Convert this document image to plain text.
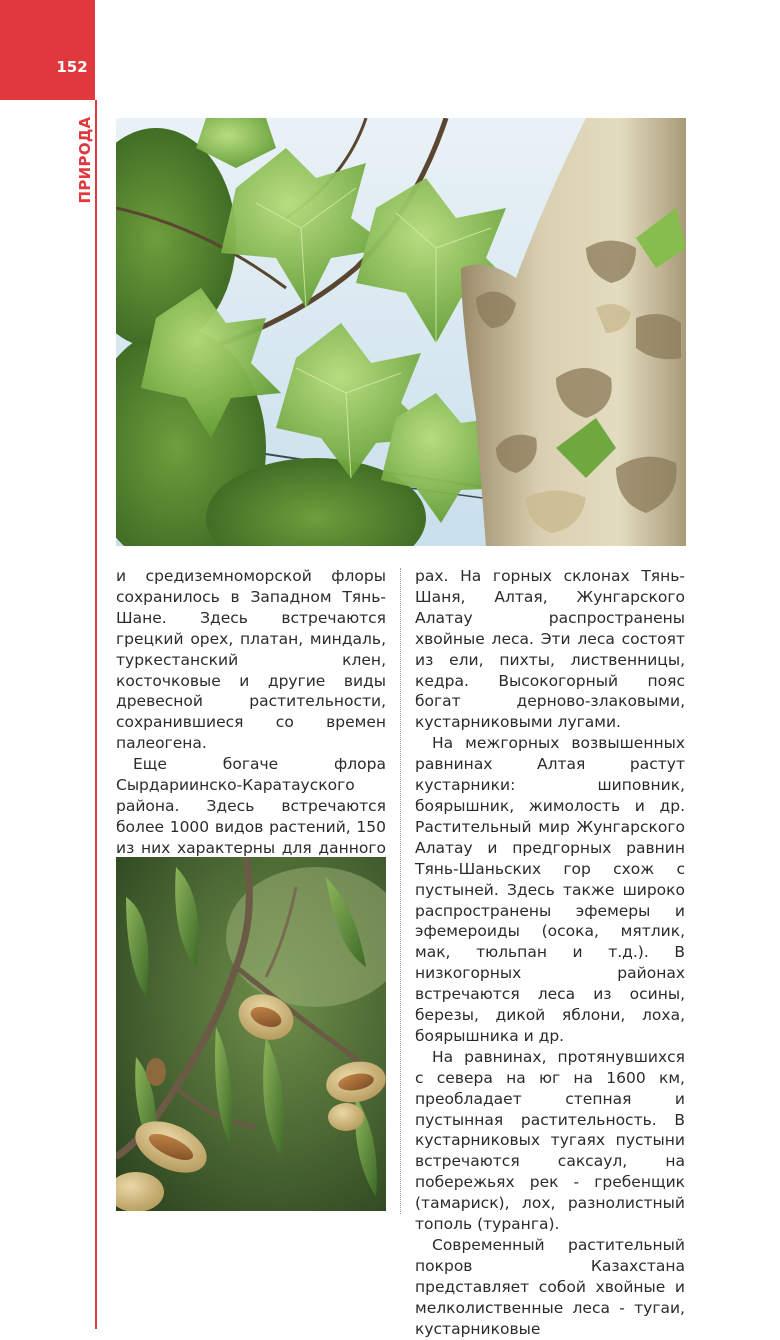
152
ПРИРОДА

и средиземноморской флоры сохранилось в Западном Тянь-Шане. Здесь встречаются грецкий орех, платан, миндаль, туркестанский клен, косточковые и другие виды древесной растительности, сохранившиеся со времен палеогена.

Еще богаче флора Сырдариинско-Каратауского района. Здесь встречаются более 1000 видов растений, 150 из них характерны для данного

рах. На горных склонах Тянь-Шаня, Алтая, Жунгарского Алатау распространены хвойные леса. Эти леса состоят из ели, пихты, лиственницы, кедра. Высокогорный пояс богат дерново-злаковыми, кустарниковыми лугами.

На межгорных возвышенных равнинах Алтая растут кустарники: шиповник, боярышник, жимолость и др. Растительный мир Жунгарского Алатау и предгорных равнин Тянь-Шаньских гор схож с пустыней. Здесь также широко распространены эфемеры и эфемероиды (осока, мятлик, мак, тюльпан и т.д.). В низкогорных районах встречаются леса из осины, березы, дикой яблони, лоха, боярышника и др.

На равнинах, протянувшихся с севера на юг на 1600 км, преобладает степная и пустынная растительность. В кустарниковых тугаях пустыни встречаются саксаул, на побережьях рек - гребенщик (тамариск), лох, разнолистный тополь (туранга).

Современный растительный покров Казахстана представляет собой хвойные и мелколиственные леса - тугаи, кустарниковые
